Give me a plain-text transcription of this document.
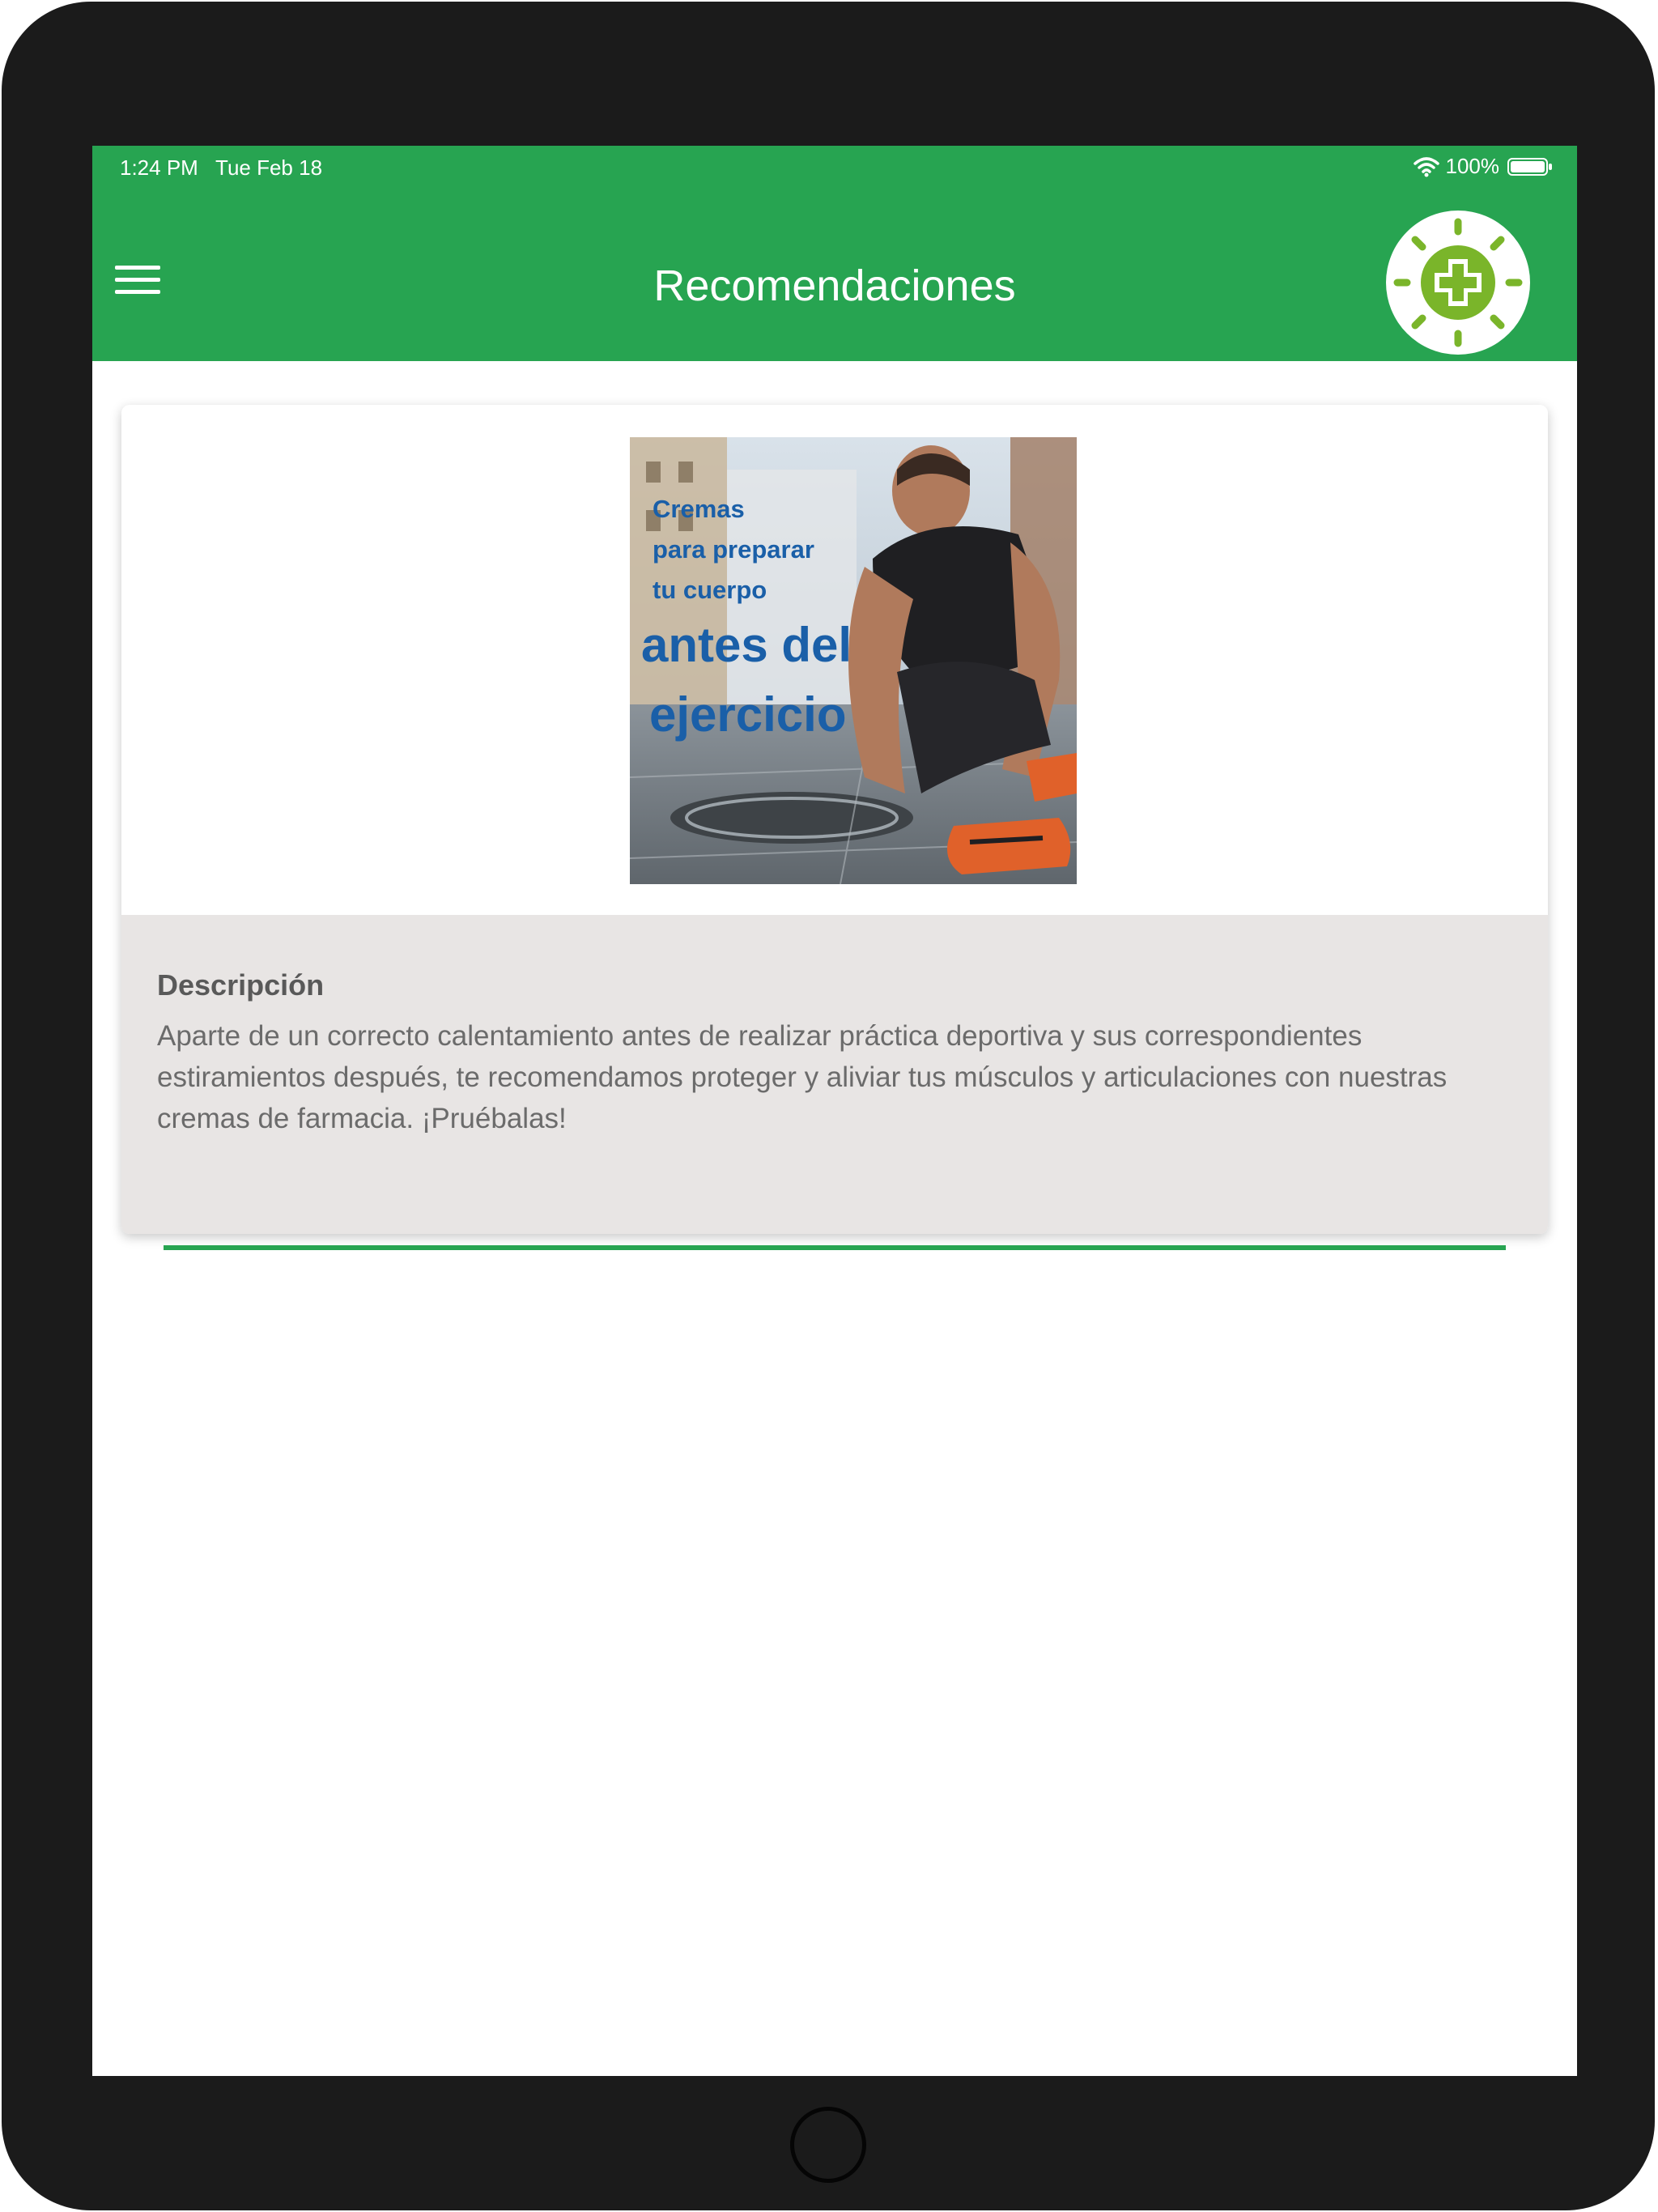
1:24 PM   Tue Feb 18	100%
Recomendaciones
Cremas
para preparar
tu cuerpo
antes del
ejercicio
Descripción
Aparte de un correcto calentamiento antes de realizar práctica deportiva y sus correspondientes estiramientos después, te recomendamos proteger y aliviar tus músculos y articulaciones con nuestras cremas de farmacia. ¡Pruébalas!
